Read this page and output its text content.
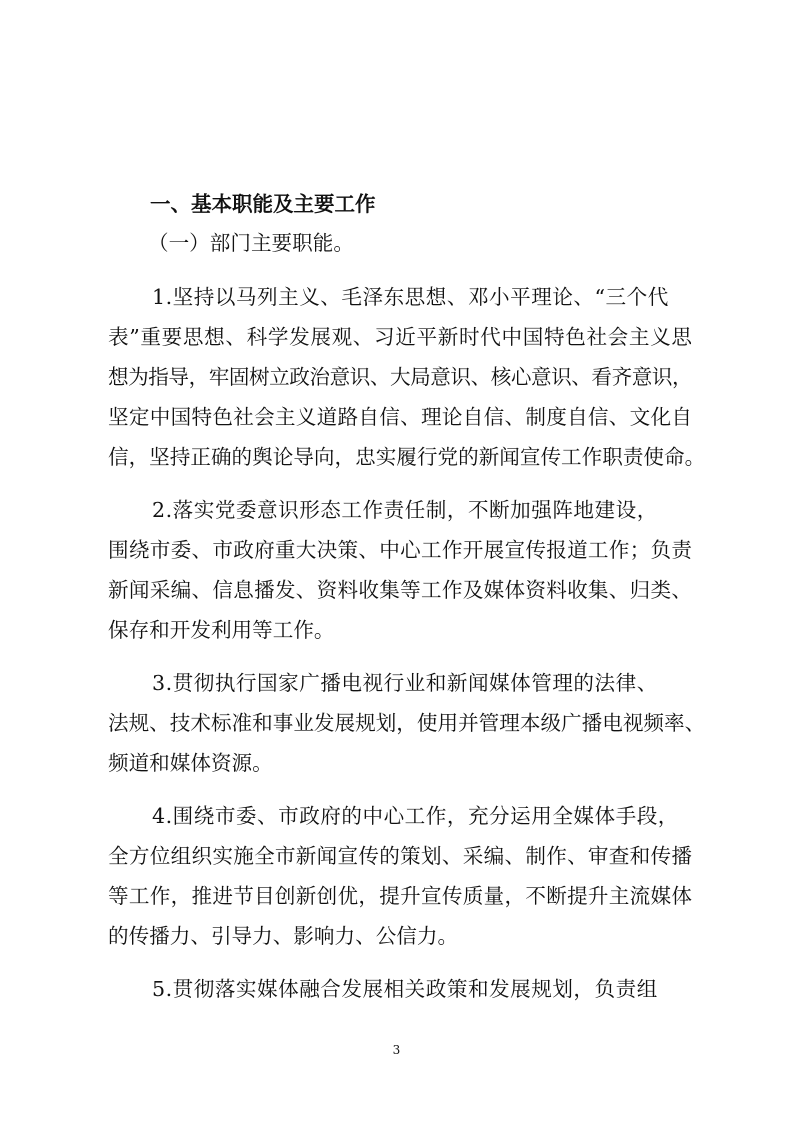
一、基本职能及主要工作
（一）部门主要职能。
1.坚持以马列主义、毛泽东思想、邓小平理论、“三个代
表”重要思想、科学发展观、习近平新时代中国特色社会主义思
想为指导，牢固树立政治意识、大局意识、核心意识、看齐意识，
坚定中国特色社会主义道路自信、理论自信、制度自信、文化自
信，坚持正确的舆论导向，忠实履行党的新闻宣传工作职责使命。
2.落实党委意识形态工作责任制，不断加强阵地建设，
围绕市委、市政府重大决策、中心工作开展宣传报道工作；负责
新闻采编、信息播发、资料收集等工作及媒体资料收集、归类、
保存和开发利用等工作。
3.贯彻执行国家广播电视行业和新闻媒体管理的法律、
法规、技术标准和事业发展规划，使用并管理本级广播电视频率、
频道和媒体资源。
4.围绕市委、市政府的中心工作，充分运用全媒体手段，
全方位组织实施全市新闻宣传的策划、采编、制作、审查和传播
等工作，推进节目创新创优，提升宣传质量，不断提升主流媒体
的传播力、引导力、影响力、公信力。
5.贯彻落实媒体融合发展相关政策和发展规划，负责组
3
